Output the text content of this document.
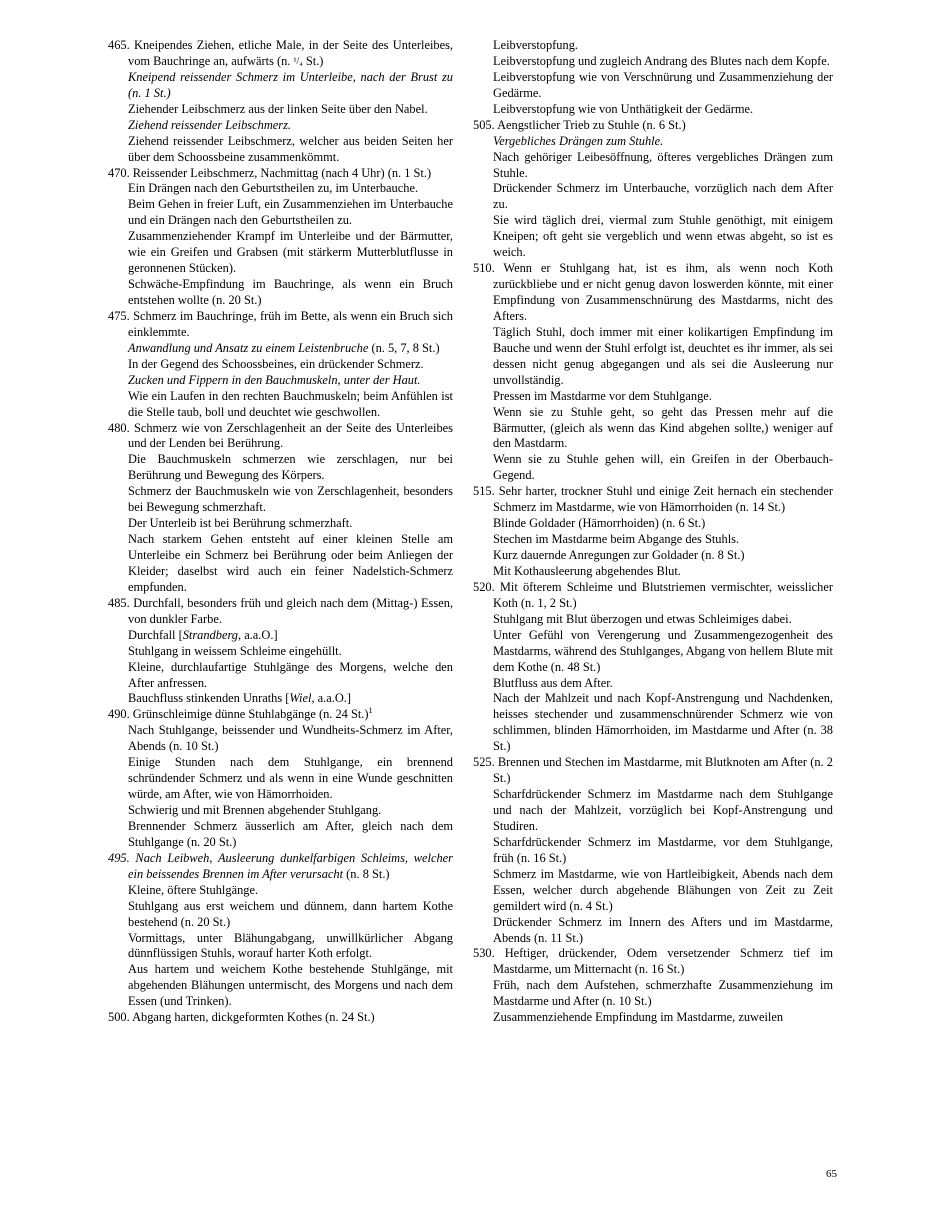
465. Kneipendes Ziehen, etliche Male, in der Seite des Unterleibes, vom Bauchringe an, aufwärts (n. ¹/₄ St.)

Kneipend reissender Schmerz im Unterleibe, nach der Brust zu (n. 1 St.)

Ziehender Leibschmerz aus der linken Seite über den Nabel.

Ziehend reissender Leibschmerz.

Ziehend reissender Leibschmerz, welcher aus beiden Seiten her über dem Schoossbeine zusammenkömmt.

470. Reissender Leibschmerz, Nachmittag (nach 4 Uhr) (n. 1 St.)

Ein Drängen nach den Geburtstheilen zu, im Unterbauche.

Beim Gehen in freier Luft, ein Zusammenziehen im Unterbauche und ein Drängen nach den Geburtstheilen zu.

Zusammenziehender Krampf im Unterleibe und der Bärmutter, wie ein Greifen und Grabsen (mit stärkerm Mutterblutflusse in geronnenen Stücken).

Schwäche-Empfindung im Bauchringe, als wenn ein Bruch entstehen wollte (n. 20 St.)

475. Schmerz im Bauchringe, früh im Bette, als wenn ein Bruch sich einklemmte.

Anwandlung und Ansatz zu einem Leistenbruche (n. 5, 7, 8 St.)

In der Gegend des Schoossbeines, ein drückender Schmerz.

Zucken und Fippern in den Bauchmuskeln, unter der Haut.

Wie ein Laufen in den rechten Bauchmuskeln; beim Anfühlen ist die Stelle taub, boll und deuchtet wie geschwollen.

480. Schmerz wie von Zerschlagenheit an der Seite des Unterleibes und der Lenden bei Berührung.

Die Bauchmuskeln schmerzen wie zerschlagen, nur bei Berührung und Bewegung des Körpers.

Schmerz der Bauchmuskeln wie von Zerschlagenheit, besonders bei Bewegung schmerzhaft.

Der Unterleib ist bei Berührung schmerzhaft.

Nach starkem Gehen entsteht auf einer kleinen Stelle am Unterleibe ein Schmerz bei Berührung oder beim Anliegen der Kleider; daselbst wird auch ein feiner Nadelstich-Schmerz empfunden.

485. Durchfall, besonders früh und gleich nach dem (Mittag-) Essen, von dunkler Farbe.

Durchfall [Strandberg, a.a.O.]

Stuhlgang in weissem Schleime eingehüllt.

Kleine, durchlaufartige Stuhlgänge des Morgens, welche den After anfressen.

Bauchfluss stinkenden Unraths [Wiel, a.a.O.]

490. Grünschleimige dünne Stuhlabgänge (n. 24 St.)$^1$

Nach Stuhlgange, beissender und Wundheits-Schmerz im After, Abends (n. 10 St.)

Einige Stunden nach dem Stuhlgange, ein brennend schründender Schmerz und als wenn in eine Wunde geschnitten würde, am After, wie von Hämorrhoiden.

Schwierig und mit Brennen abgehender Stuhlgang.

Brennender Schmerz äusserlich am After, gleich nach dem Stuhlgange (n. 20 St.)

495. Nach Leibweh, Ausleerung dunkelfarbigen Schleims, welcher ein beissendes Brennen im After verursacht (n. 8 St.)

Kleine, öftere Stuhlgänge.

Stuhlgang aus erst weichem und dünnem, dann hartem Kothe bestehend (n. 20 St.)

Vormittags, unter Blähungabgang, unwillkürlicher Abgang dünnflüssigen Stuhls, worauf harter Koth erfolgt.

Aus hartem und weichem Kothe bestehende Stuhlgänge, mit abgehenden Blähungen untermischt, des Morgens und nach dem Essen (und Trinken).

500. Abgang harten, dickgeformten Kothes (n. 24 St.)

Leibverstopfung.

Leibverstopfung und zugleich Andrang des Blutes nach dem Kopfe.

Leibverstopfung wie von Verschnürung und Zusammenziehung der Gedärme.

Leibverstopfung wie von Unthätigkeit der Gedärme.

505. Aengstlicher Trieb zu Stuhle (n. 6 St.)

Vergebliches Drängen zum Stuhle.

Nach gehöriger Leibesöffnung, öfteres vergebliches Drängen zum Stuhle.

Drückender Schmerz im Unterbauche, vorzüglich nach dem After zu.

Sie wird täglich drei, viermal zum Stuhle genöthigt, mit einigem Kneipen; oft geht sie vergeblich und wenn etwas abgeht, so ist es weich.

510. Wenn er Stuhlgang hat, ist es ihm, als wenn noch Koth zurückbliebe und er nicht genug davon loswerden könnte, mit einer Empfindung von Zusammenschnürung des Mastdarms, nicht des Afters.

Täglich Stuhl, doch immer mit einer kolikartigen Empfindung im Bauche und wenn der Stuhl erfolgt ist, deuchtet es ihr immer, als sei dessen nicht genug abgegangen und als sei die Ausleerung nur unvollständig.

Pressen im Mastdarme vor dem Stuhlgange.

Wenn sie zu Stuhle geht, so geht das Pressen mehr auf die Bärmutter, (gleich als wenn das Kind abgehen sollte,) weniger auf den Mastdarm.

Wenn sie zu Stuhle gehen will, ein Greifen in der Oberbauch-Gegend.

515. Sehr harter, trockner Stuhl und einige Zeit hernach ein stechender Schmerz im Mastdarme, wie von Hämorrhoiden (n. 14 St.)

Blinde Goldader (Hämorrhoiden) (n. 6 St.)

Stechen im Mastdarme beim Abgange des Stuhls.

Kurz dauernde Anregungen zur Goldader (n. 8 St.)

Mit Kothausleerung abgehendes Blut.

520. Mit öfterem Schleime und Blutstriemen vermischter, weisslicher Koth (n. 1, 2 St.)

Stuhlgang mit Blut überzogen und etwas Schleimiges dabei.

Unter Gefühl von Verengerung und Zusammengezogenheit des Mastdarms, während des Stuhlganges, Abgang von hellem Blute mit dem Kothe (n. 48 St.)

Blutfluss aus dem After.

Nach der Mahlzeit und nach Kopf-Anstrengung und Nachdenken, heisses stechender und zusammenschnürender Schmerz wie von schlimmen, blinden Hämorrhoiden, im Mastdarme und After (n. 38 St.)

525. Brennen und Stechen im Mastdarme, mit Blutknoten am After (n. 2 St.)

Scharfdrückender Schmerz im Mastdarme nach dem Stuhlgange und nach der Mahlzeit, vorzüglich bei Kopf-Anstrengung und Studiren.

Scharfdrückender Schmerz im Mastdarme, vor dem Stuhlgange, früh (n. 16 St.)

Schmerz im Mastdarme, wie von Hartleibigkeit, Abends nach dem Essen, welcher durch abgehende Blähungen von Zeit zu Zeit gemildert wird (n. 4 St.)

Drückender Schmerz im Innern des Afters und im Mastdarme, Abends (n. 11 St.)

530. Heftiger, drückender, Odem versetzender Schmerz tief im Mastdarme, um Mitternacht (n. 16 St.)

Früh, nach dem Aufstehen, schmerzhafte Zusammenziehung im Mastdarme und After (n. 10 St.)

Zusammenziehende Empfindung im Mastdarme, zuweilen

65
